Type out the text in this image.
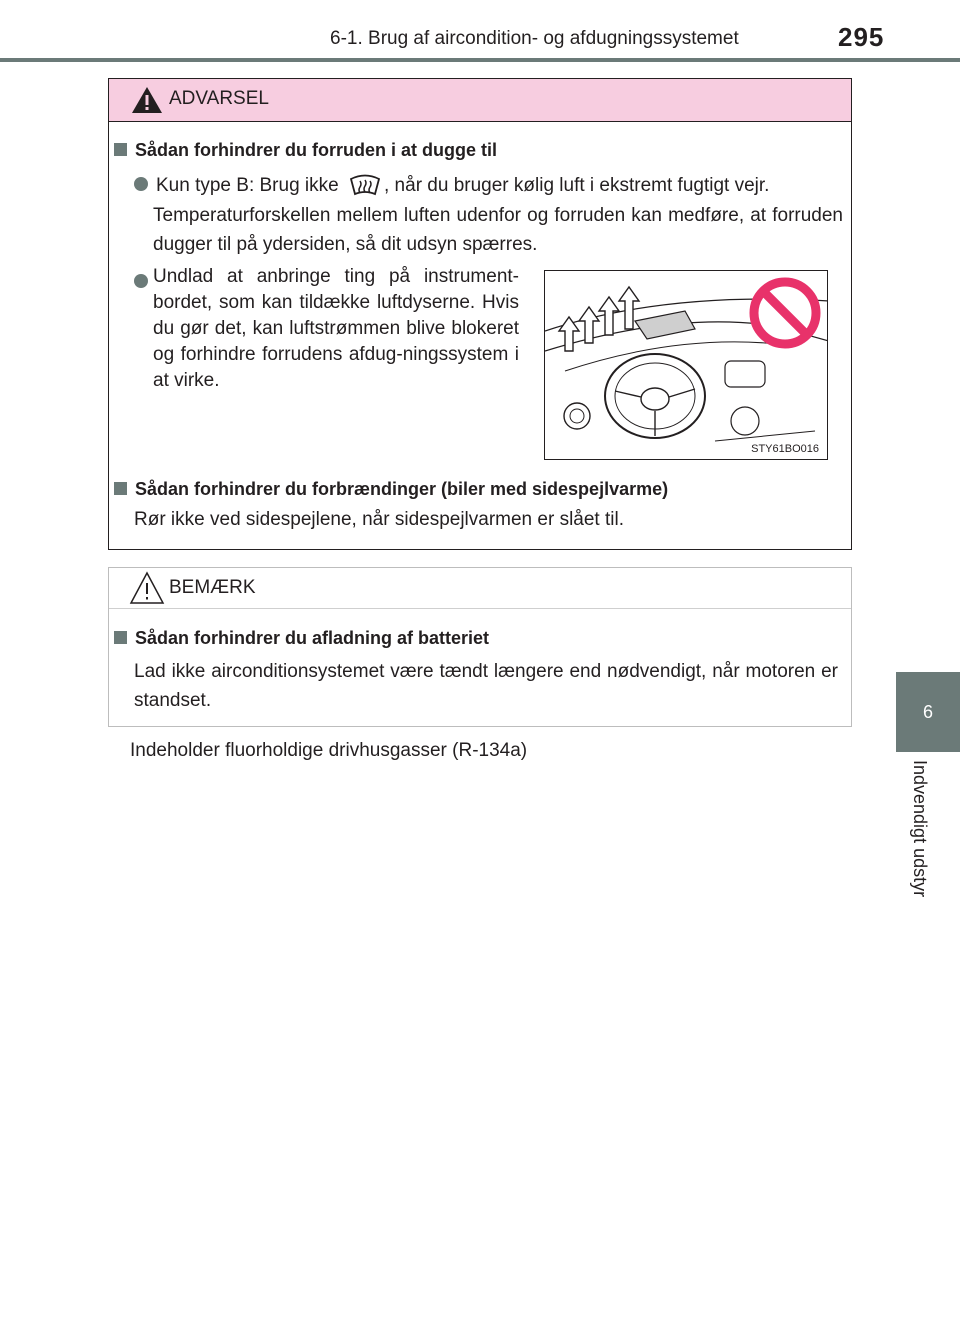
6-1. Brug af aircondition- og afdugningssystemet	295
6
Indvendigt udstyr
ADVARSEL
Sådan forhindrer du forruden i at dugge til
Kun type B: Brug ikke , når du bruger kølig luft i ekstremt fugtigt vejr.
Temperaturforskellen mellem luften udenfor og forruden kan medføre, at forruden dugger til på ydersiden, så dit udsyn spærres.
Undlad at anbringe ting på instrument-bordet, som kan tildække luftdyserne. Hvis du gør det, kan luftstrømmen blive blokeret og forhindre forrudens afdug-ningssystem i at virke.
STY61BO016
Sådan forhindrer du forbrændinger (biler med sidespejlvarme)
Rør ikke ved sidespejlene, når sidespejlvarmen er slået til.
BEMÆRK
Sådan forhindrer du afladning af batteriet
Lad ikke airconditionsystemet være tændt længere end nødvendigt, når motoren er standset.
Indeholder fluorholdige drivhusgasser (R-134a)
